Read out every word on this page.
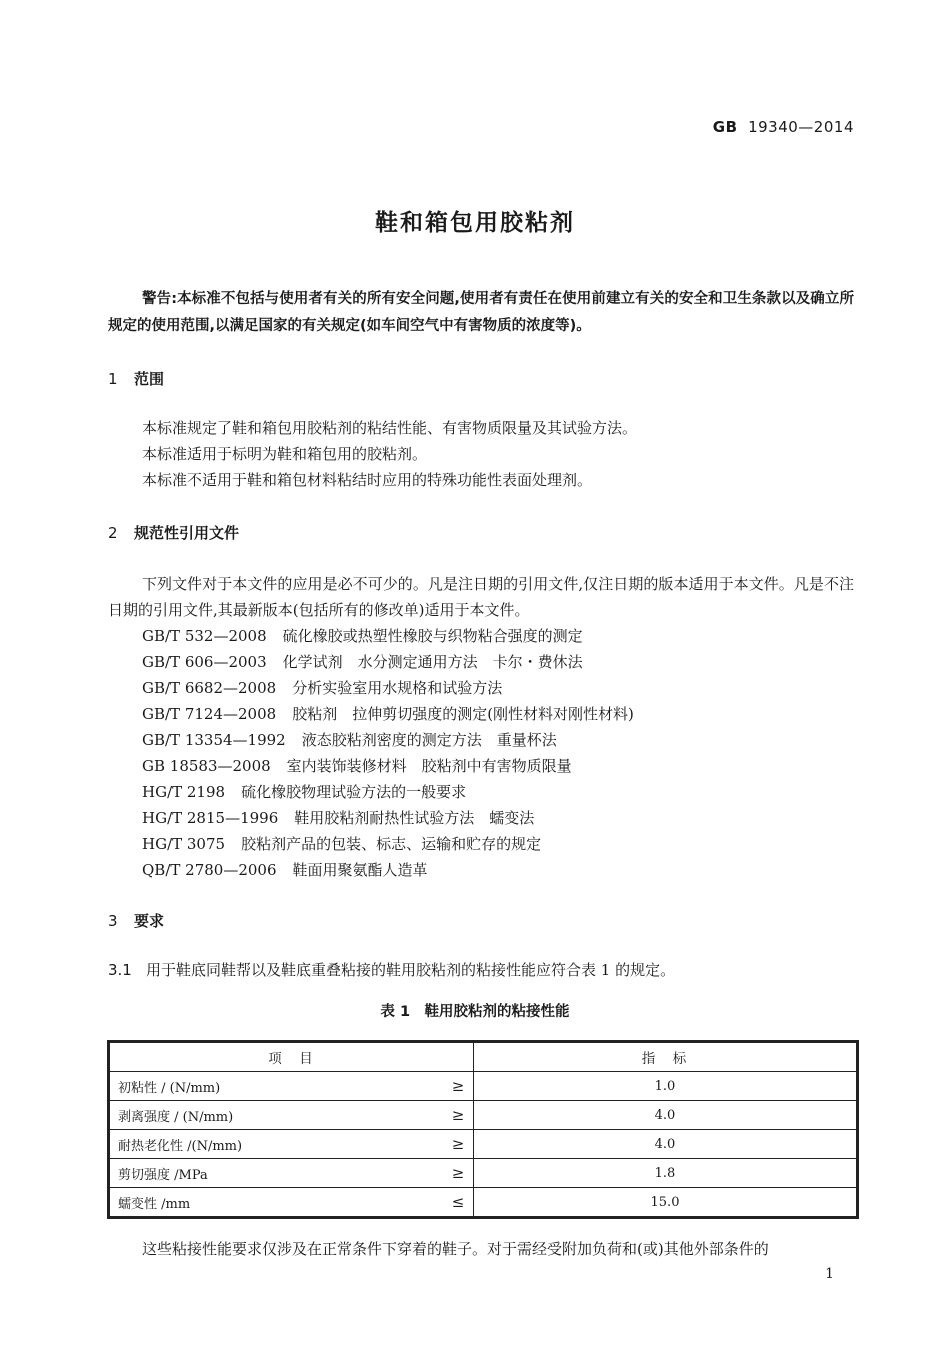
GB 19340—2014
鞋和箱包用胶粘剂
警告:本标准不包括与使用者有关的所有安全问题,使用者有责任在使用前建立有关的安全和卫生条款以及确立所规定的使用范围,以满足国家的有关规定(如车间空气中有害物质的浓度等)。
1 范围
本标准规定了鞋和箱包用胶粘剂的粘结性能、有害物质限量及其试验方法。
本标准适用于标明为鞋和箱包用的胶粘剂。
本标准不适用于鞋和箱包材料粘结时应用的特殊功能性表面处理剂。
2 规范性引用文件
下列文件对于本文件的应用是必不可少的。凡是注日期的引用文件,仅注日期的版本适用于本文件。凡是不注日期的引用文件,其最新版本(包括所有的修改单)适用于本文件。
GB/T 532—2008 硫化橡胶或热塑性橡胶与织物粘合强度的测定
GB/T 606—2003 化学试剂　水分测定通用方法　卡尔・费休法
GB/T 6682—2008 分析实验室用水规格和试验方法
GB/T 7124—2008 胶粘剂　拉伸剪切强度的测定(刚性材料对刚性材料)
GB/T 13354—1992 液态胶粘剂密度的测定方法　重量杯法
GB 18583—2008 室内装饰装修材料　胶粘剂中有害物质限量
HG/T 2198 硫化橡胶物理试验方法的一般要求
HG/T 2815—1996 鞋用胶粘剂耐热性试验方法　蠕变法
HG/T 3075 胶粘剂产品的包装、标志、运输和贮存的规定
QB/T 2780—2006 鞋面用聚氨酯人造革
3 要求
3.1 用于鞋底同鞋帮以及鞋底重叠粘接的鞋用胶粘剂的粘接性能应符合表 1 的规定。
表 1　鞋用胶粘剂的粘接性能
项　目	指　标

初粘性 / (N/mm) ≥	1.0

剥离强度 / (N/mm) ≥	4.0

耐热老化性 /(N/mm) ≥	4.0

剪切强度 /MPa ≥	1.8

蠕变性 /mm ≤	15.0
这些粘接性能要求仅涉及在正常条件下穿着的鞋子。对于需经受附加负荷和(或)其他外部条件的
1
